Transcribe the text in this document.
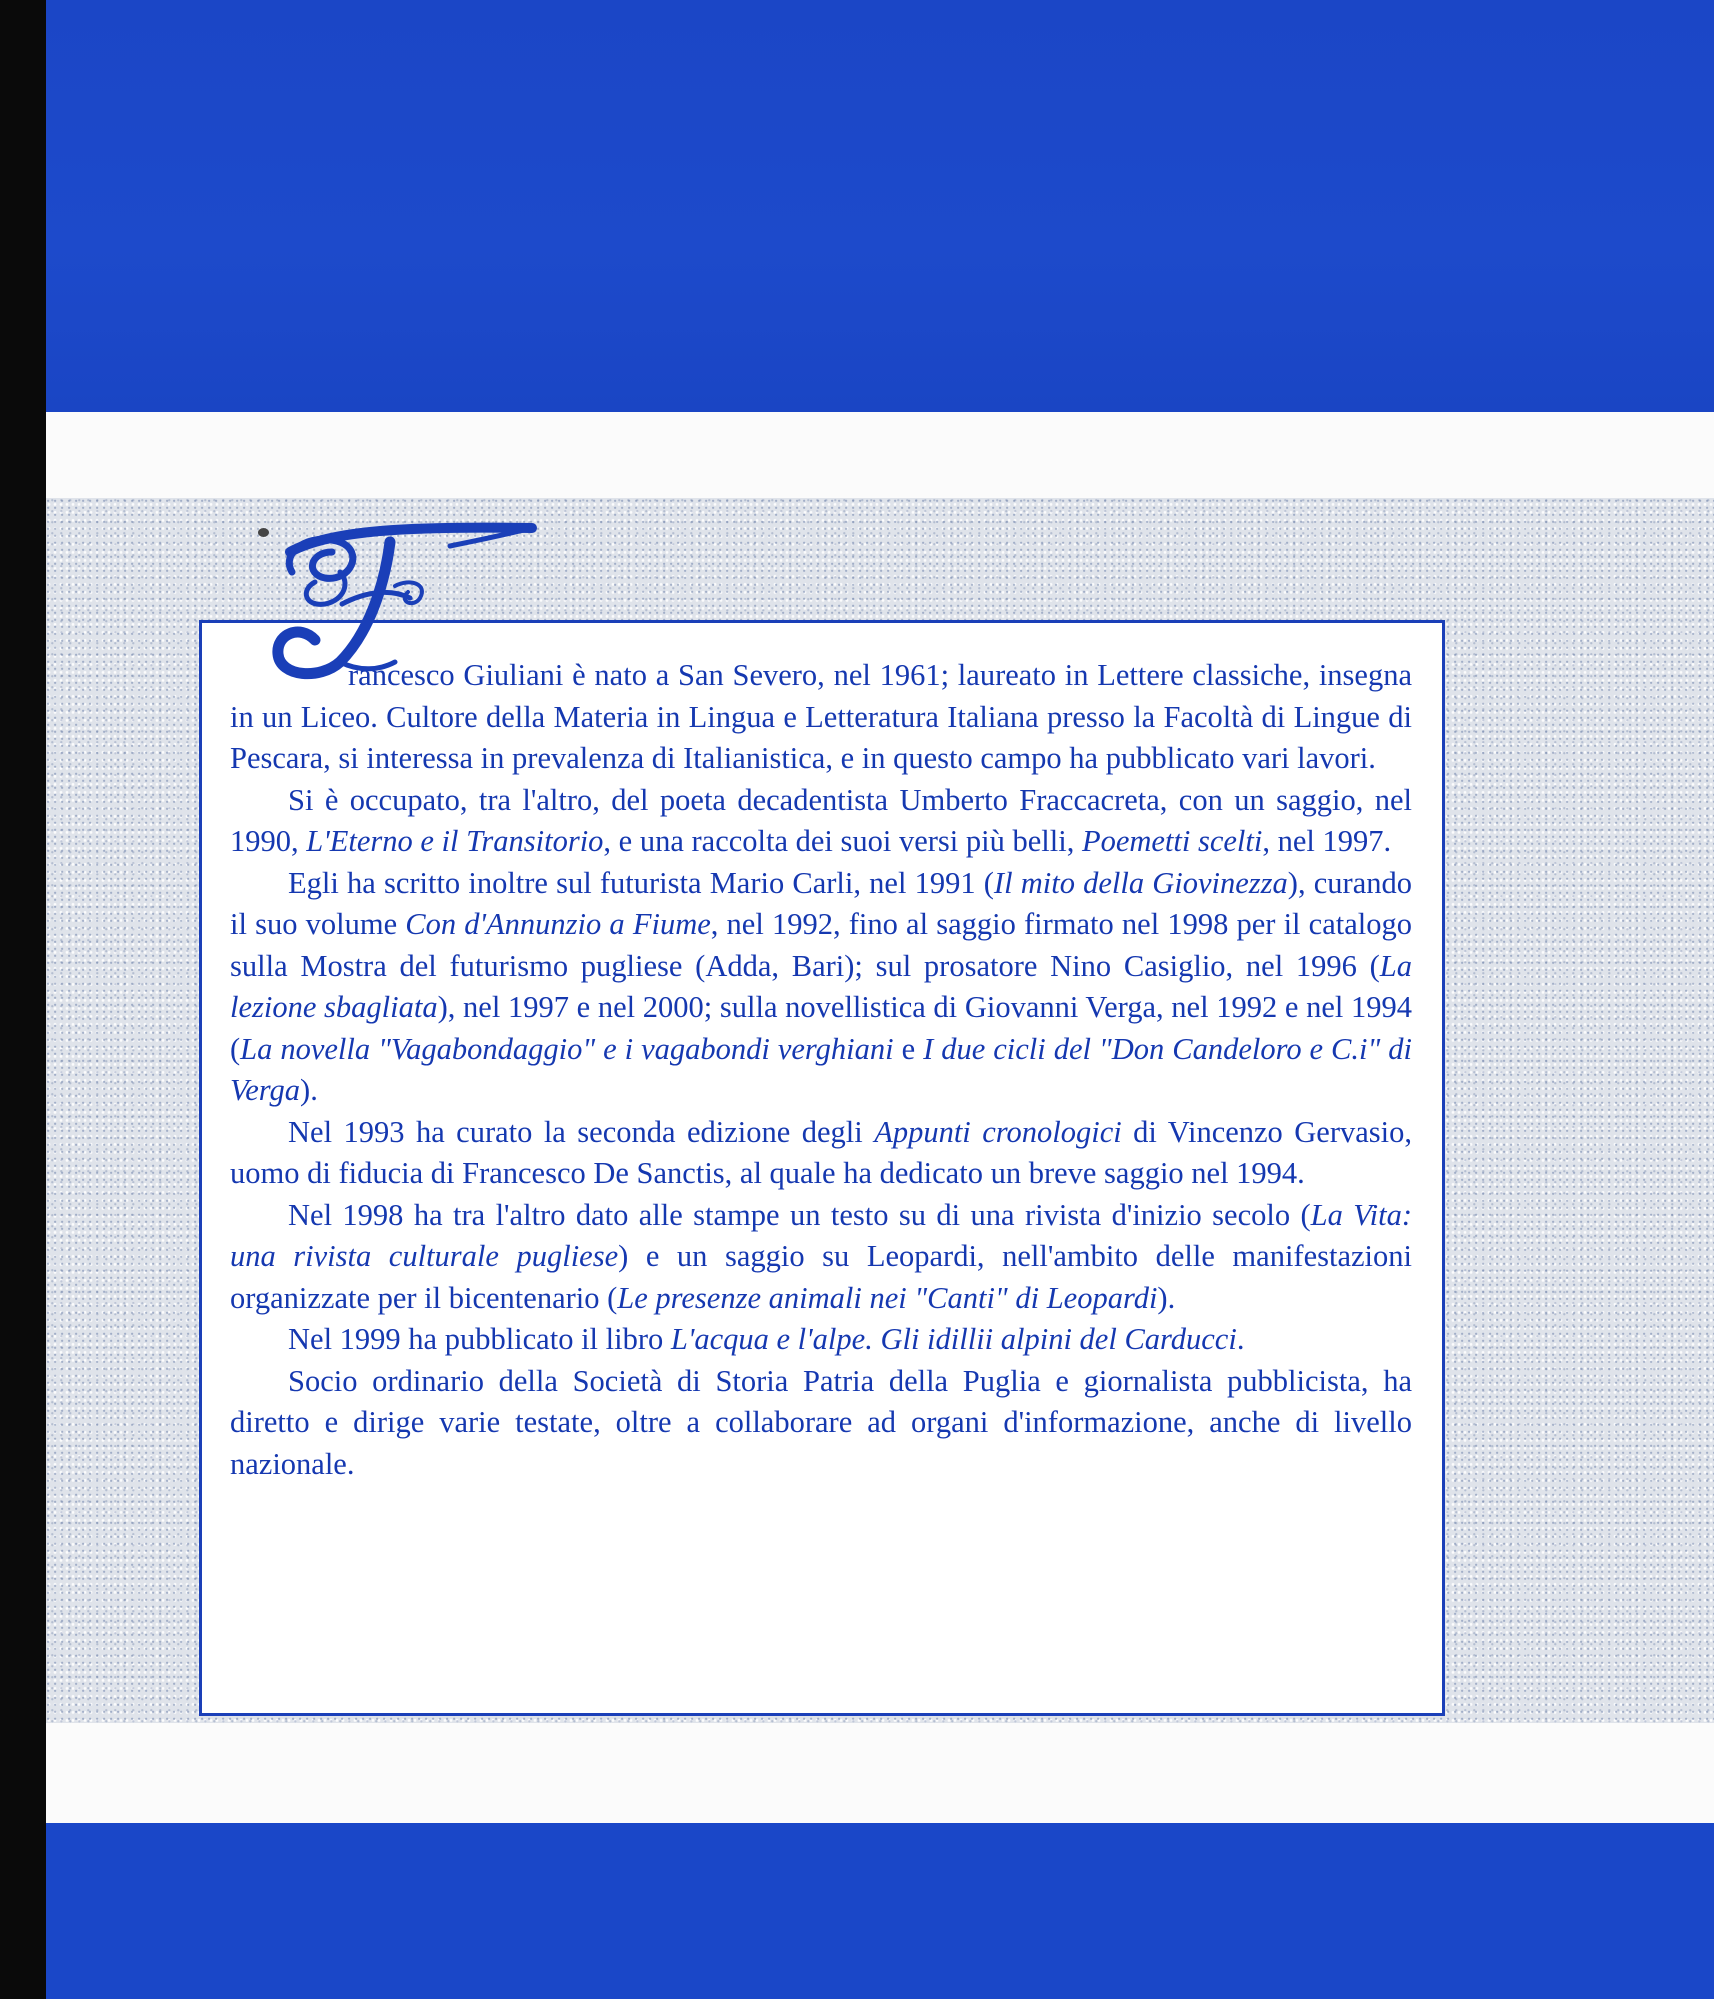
rancesco Giuliani è nato a San Severo, nel 1961; laureato in Lettere classiche, insegna in un Liceo. Cultore della Materia in Lingua e Letteratura Italiana presso la Facoltà di Lingue di Pescara, si interessa in prevalenza di Italianistica, e in questo campo ha pubblicato vari lavori.

Si è occupato, tra l'altro, del poeta decadentista Umberto Fraccacreta, con un saggio, nel 1990, L'Eterno e il Transitorio, e una raccolta dei suoi versi più belli, Poemetti scelti, nel 1997.

Egli ha scritto inoltre sul futurista Mario Carli, nel 1991 (Il mito della Giovinezza), curando il suo volume Con d'Annunzio a Fiume, nel 1992, fino al saggio firmato nel 1998 per il catalogo sulla Mostra del futurismo pugliese (Adda, Bari); sul prosatore Nino Casiglio, nel 1996 (La lezione sbagliata), nel 1997 e nel 2000; sulla novellistica di Giovanni Verga, nel 1992 e nel 1994 (La novella "Vagabondaggio" e i vagabondi verghiani e I due cicli del "Don Candeloro e C.i" di Verga).

Nel 1993 ha curato la seconda edizione degli Appunti cronologici di Vincenzo Gervasio, uomo di fiducia di Francesco De Sanctis, al quale ha dedicato un breve saggio nel 1994.

Nel 1998 ha tra l'altro dato alle stampe un testo su di una rivista d'inizio secolo (La Vita: una rivista culturale pugliese) e un saggio su Leopardi, nell'ambito delle manifestazioni organizzate per il bicentenario (Le presenze animali nei "Canti" di Leopardi).

Nel 1999 ha pubblicato il libro L'acqua e l'alpe. Gli idillii alpini del Carducci.

Socio ordinario della Società di Storia Patria della Puglia e giornalista pubblicista, ha diretto e dirige varie testate, oltre a collaborare ad organi d'informazione, anche di livello nazionale.
